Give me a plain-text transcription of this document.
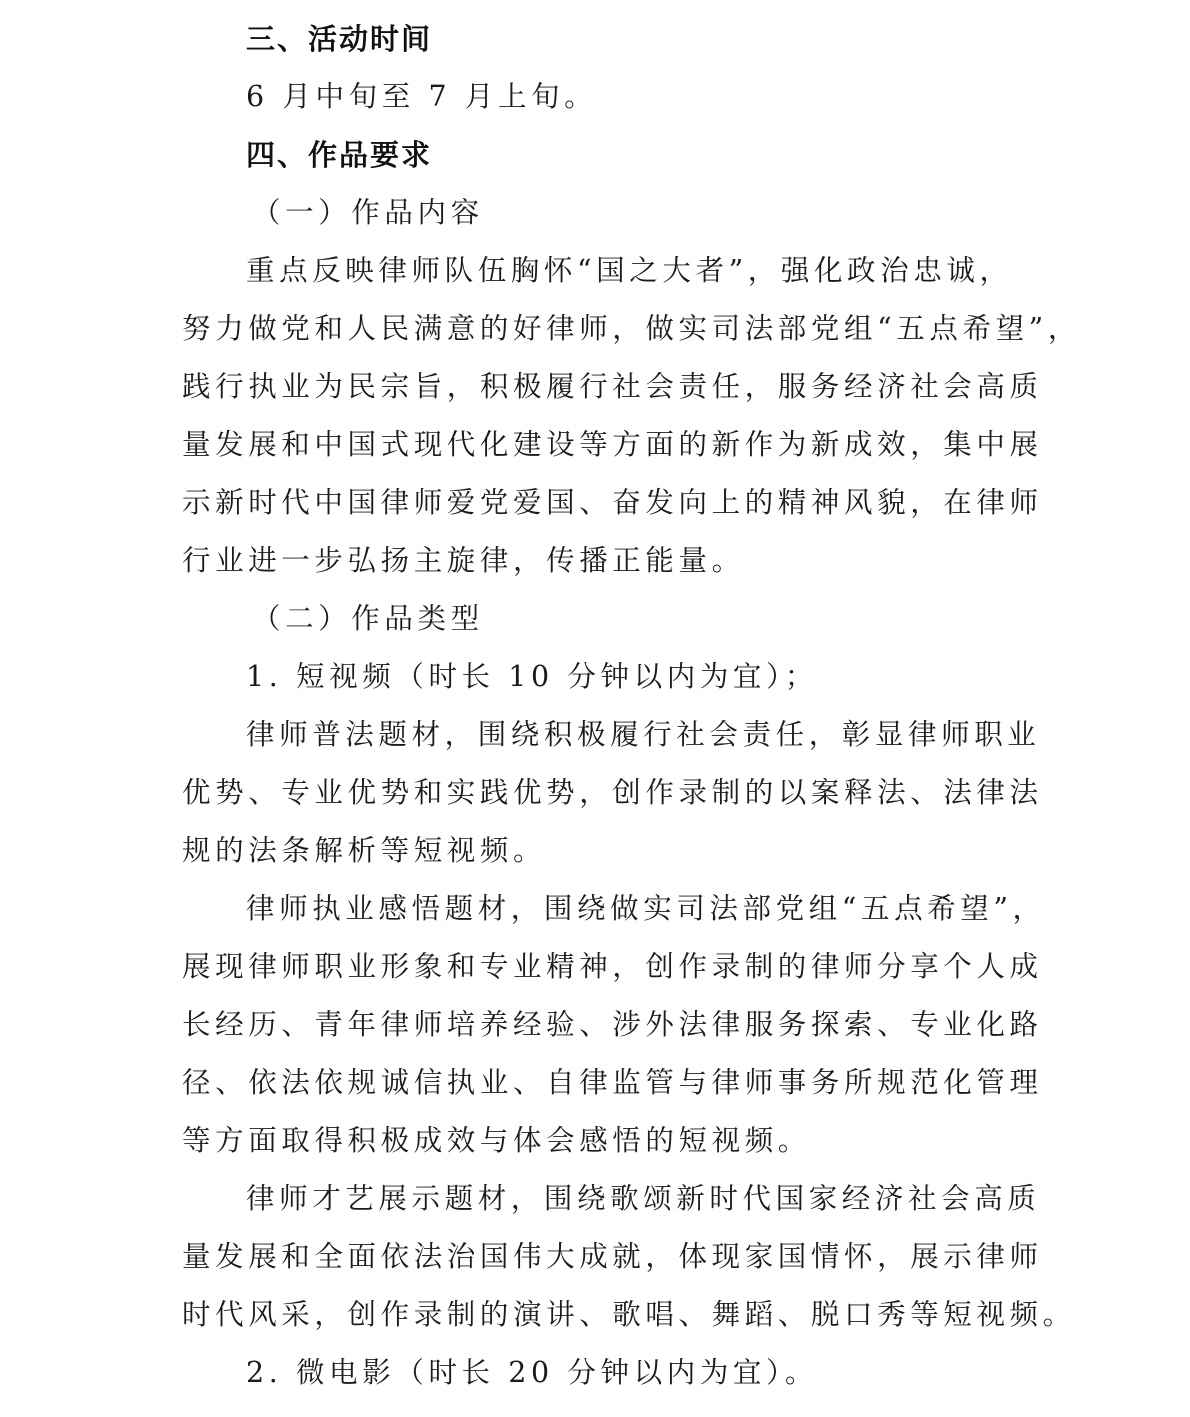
三、活动时间
6 月中旬至 7 月上旬。
四、作品要求
（一）作品内容
重点反映律师队伍胸怀“国之大者”，强化政治忠诚，
努力做党和人民满意的好律师，做实司法部党组“五点希望”，
践行执业为民宗旨，积极履行社会责任，服务经济社会高质
量发展和中国式现代化建设等方面的新作为新成效，集中展
示新时代中国律师爱党爱国、奋发向上的精神风貌，在律师
行业进一步弘扬主旋律，传播正能量。
（二）作品类型
1. 短视频（时长 10 分钟以内为宜）；
律师普法题材，围绕积极履行社会责任，彰显律师职业
优势、专业优势和实践优势，创作录制的以案释法、法律法
规的法条解析等短视频。
律师执业感悟题材，围绕做实司法部党组“五点希望”，
展现律师职业形象和专业精神，创作录制的律师分享个人成
长经历、青年律师培养经验、涉外法律服务探索、专业化路
径、依法依规诚信执业、自律监管与律师事务所规范化管理
等方面取得积极成效与体会感悟的短视频。
律师才艺展示题材，围绕歌颂新时代国家经济社会高质
量发展和全面依法治国伟大成就，体现家国情怀，展示律师
时代风采，创作录制的演讲、歌唱、舞蹈、脱口秀等短视频。
2. 微电影（时长 20 分钟以内为宜）。
